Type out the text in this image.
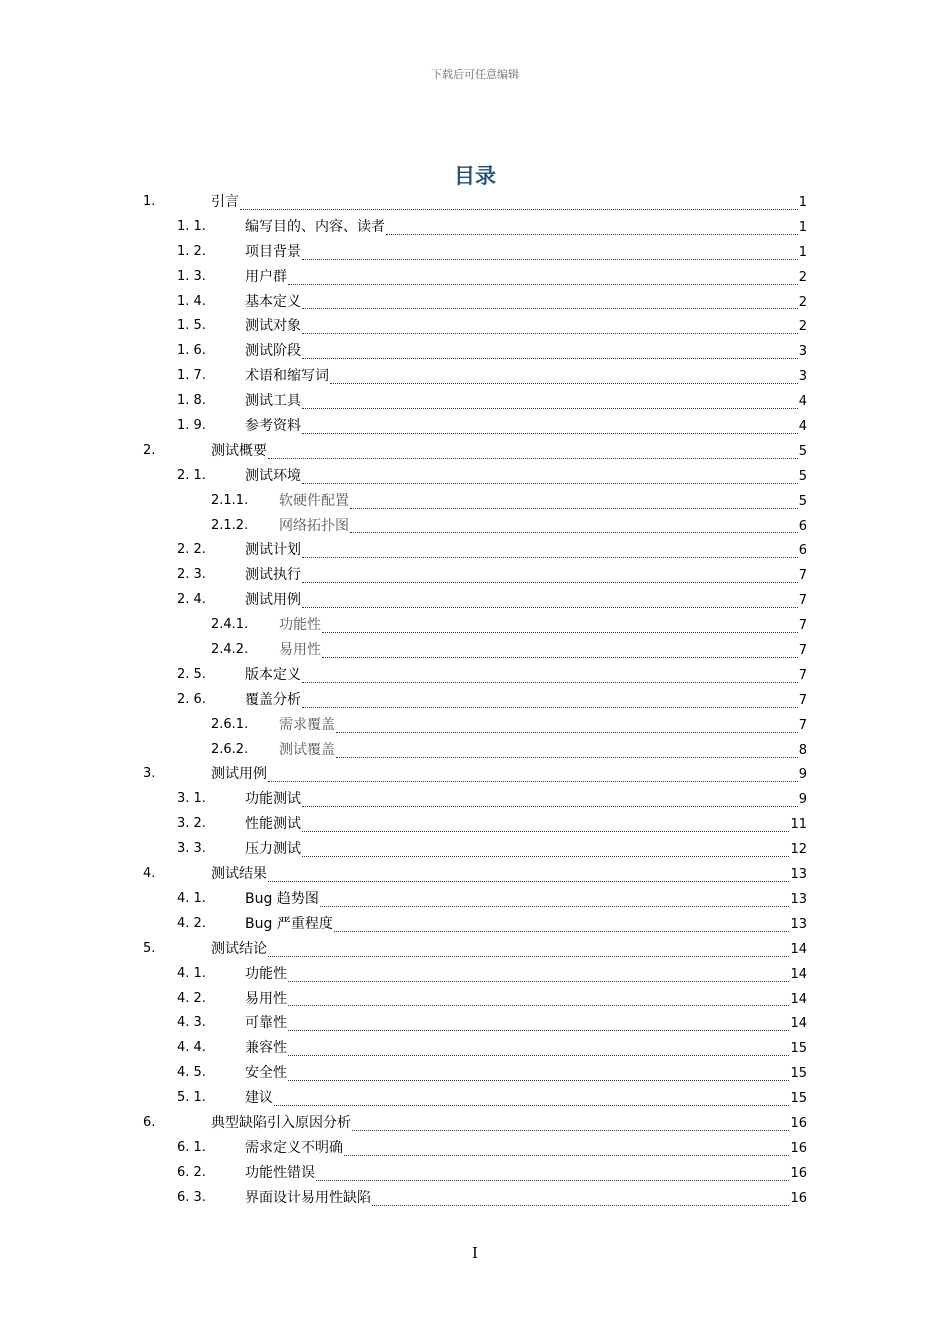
下载后可任意编辑
目录
1.	引言	1
1. 1.	编写目的、内容、读者	1
1. 2.	项目背景	1
1. 3.	用户群	2
1. 4.	基本定义	2
1. 5.	测试对象	2
1. 6.	测试阶段	3
1. 7.	术语和缩写词	3
1. 8.	测试工具	4
1. 9.	参考资料	4
2.	测试概要	5
2. 1.	测试环境	5
2.1.1. 软硬件配置	5
2.1.2. 网络拓扑图	6
2. 2.	测试计划	6
2. 3.	测试执行	7
2. 4.	测试用例	7
2.4.1. 功能性	7
2.4.2. 易用性	7
2. 5.	版本定义	7
2. 6.	覆盖分析	7
2.6.1. 需求覆盖	7
2.6.2. 测试覆盖	8
3.	测试用例	9
3. 1.	功能测试	9
3. 2.	性能测试	11
3. 3.	压力测试	12
4.	测试结果	13
4. 1.	Bug 趋势图	13
4. 2.	Bug 严重程度	13
5.	测试结论	14
4. 1.	功能性	14
4. 2.	易用性	14
4. 3.	可靠性	14
4. 4.	兼容性	15
4. 5.	安全性	15
5. 1.	建议	15
6.	典型缺陷引入原因分析	16
6. 1.	需求定义不明确	16
6. 2.	功能性错误	16
6. 3.	界面设计易用性缺陷	16
I
